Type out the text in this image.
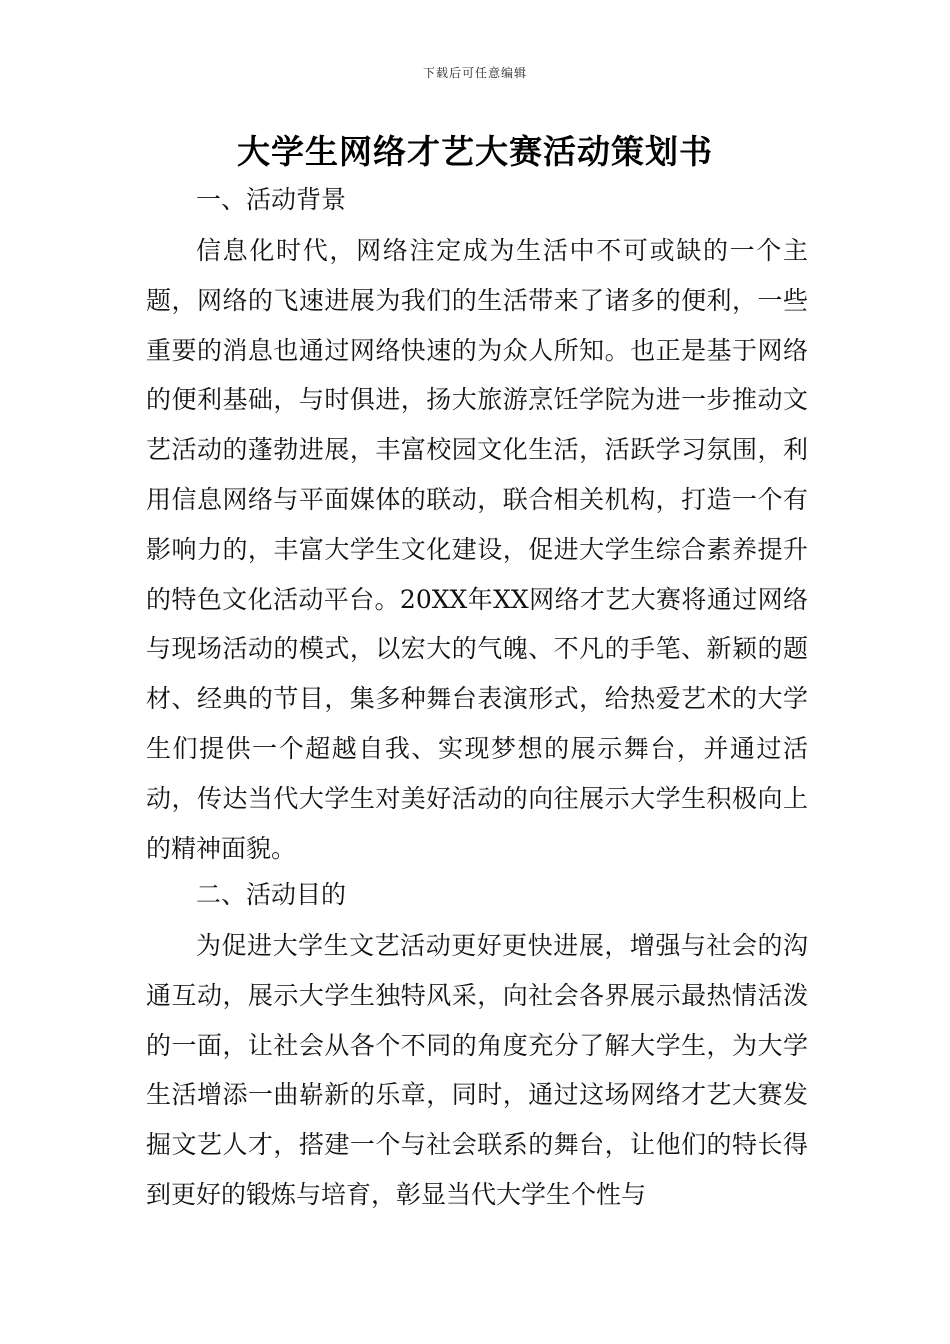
下载后可任意编辑
大学生网络才艺大赛活动策划书

一、活动背景

信息化时代，网络注定成为生活中不可或缺的一个主题，网络的飞速进展为我们的生活带来了诸多的便利，一些重要的消息也通过网络快速的为众人所知。也正是基于网络的便利基础，与时俱进，扬大旅游烹饪学院为进一步推动文艺活动的蓬勃进展，丰富校园文化生活，活跃学习氛围，利用信息网络与平面媒体的联动，联合相关机构，打造一个有影响力的，丰富大学生文化建设，促进大学生综合素养提升的特色文化活动平台。20XX年XX网络才艺大赛将通过网络与现场活动的模式，以宏大的气魄、不凡的手笔、新颖的题材、经典的节目，集多种舞台表演形式，给热爱艺术的大学生们提供一个超越自我、实现梦想的展示舞台，并通过活动，传达当代大学生对美好活动的向往展示大学生积极向上的精神面貌。

二、活动目的

为促进大学生文艺活动更好更快进展，增强与社会的沟通互动，展示大学生独特风采，向社会各界展示最热情活泼的一面，让社会从各个不同的角度充分了解大学生，为大学生活增添一曲崭新的乐章，同时，通过这场网络才艺大赛发掘文艺人才，搭建一个与社会联系的舞台，让他们的特长得到更好的锻炼与培育，彰显当代大学生个性与
